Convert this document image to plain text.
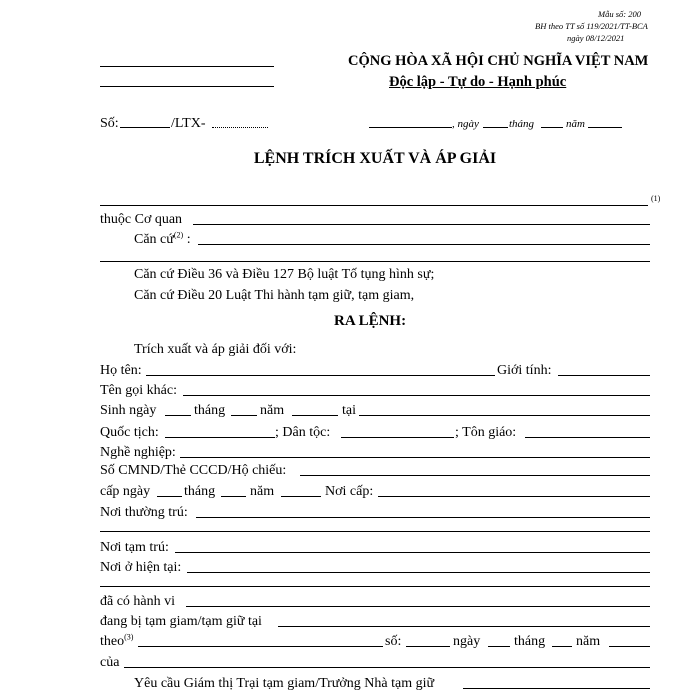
Mẫu số: 200
BH theo TT số 119/2021/TT-BCA
ngày 08/12/2021
CỘNG HÒA XÃ HỘI CHỦ NGHĨA VIỆT NAM
Độc lập - Tự do - Hạnh phúc
Số:	/LTX-	, ngày	tháng	năm
LỆNH TRÍCH XUẤT VÀ ÁP GIẢI
(1)
thuộc Cơ quan
Căn cứ$^{(2)}$ :
Căn cứ Điều 36 và Điều 127 Bộ luật Tố tụng hình sự;
Căn cứ Điều 20 Luật Thi hành tạm giữ, tạm giam,
RA LỆNH:
Trích xuất và áp giải đối với:
Họ tên:	Giới tính:
Tên gọi khác:
Sinh ngày	tháng năm	tại
Quốc tịch:	; Dân tộc:	; Tôn giáo:
Nghề nghiệp:
Số CMND/Thẻ CCCD/Hộ chiếu:
cấp ngày tháng năm	Nơi cấp:
Nơi thường trú:
Nơi tạm trú:
Nơi ở hiện tại:
đã có hành vi
đang bị tạm giam/tạm giữ tại
theo$^{(3)}$	số:	ngày tháng năm
của
Yêu cầu Giám thị Trại tạm giam/Trưởng Nhà tạm giữ
